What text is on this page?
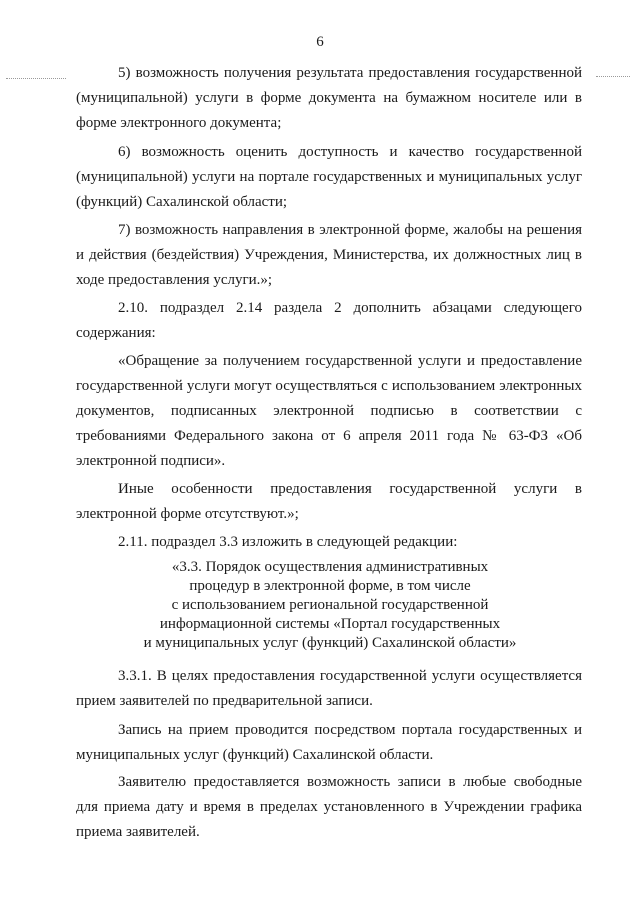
6

5) возможность получения результата предоставления государственной (муниципальной) услуги в форме документа на бумажном носителе или в форме электронного документа;

6) возможность оценить доступность и качество государственной (муниципальной) услуги на портале государственных и муниципальных услуг (функций) Сахалинской области;

7) возможность направления в электронной форме, жалобы на решения и действия (бездействия) Учреждения, Министерства, их должностных лиц в ходе предоставления услуги.»;

2.10. подраздел 2.14 раздела 2 дополнить абзацами следующего содержания:

«Обращение за получением государственной услуги и предоставление государственной услуги могут осуществляться с использованием электронных документов, подписанных электронной подписью в соответствии с требованиями Федерального закона от 6 апреля 2011 года № 63-ФЗ «Об электронной подписи».

Иные особенности предоставления государственной услуги в электронной форме отсутствуют.»;

2.11. подраздел 3.3 изложить в следующей редакции:

«3.3. Порядок осуществления административных
процедур в электронной форме, в том числе
с использованием региональной государственной
информационной системы «Портал государственных
и муниципальных услуг (функций) Сахалинской области»

3.3.1. В целях предоставления государственной услуги осуществляется прием заявителей по предварительной записи.

Запись на прием проводится посредством портала государственных и муниципальных услуг (функций) Сахалинской области.

Заявителю предоставляется возможность записи в любые свободные для приема дату и время в пределах установленного в Учреждении графика приема заявителей.
